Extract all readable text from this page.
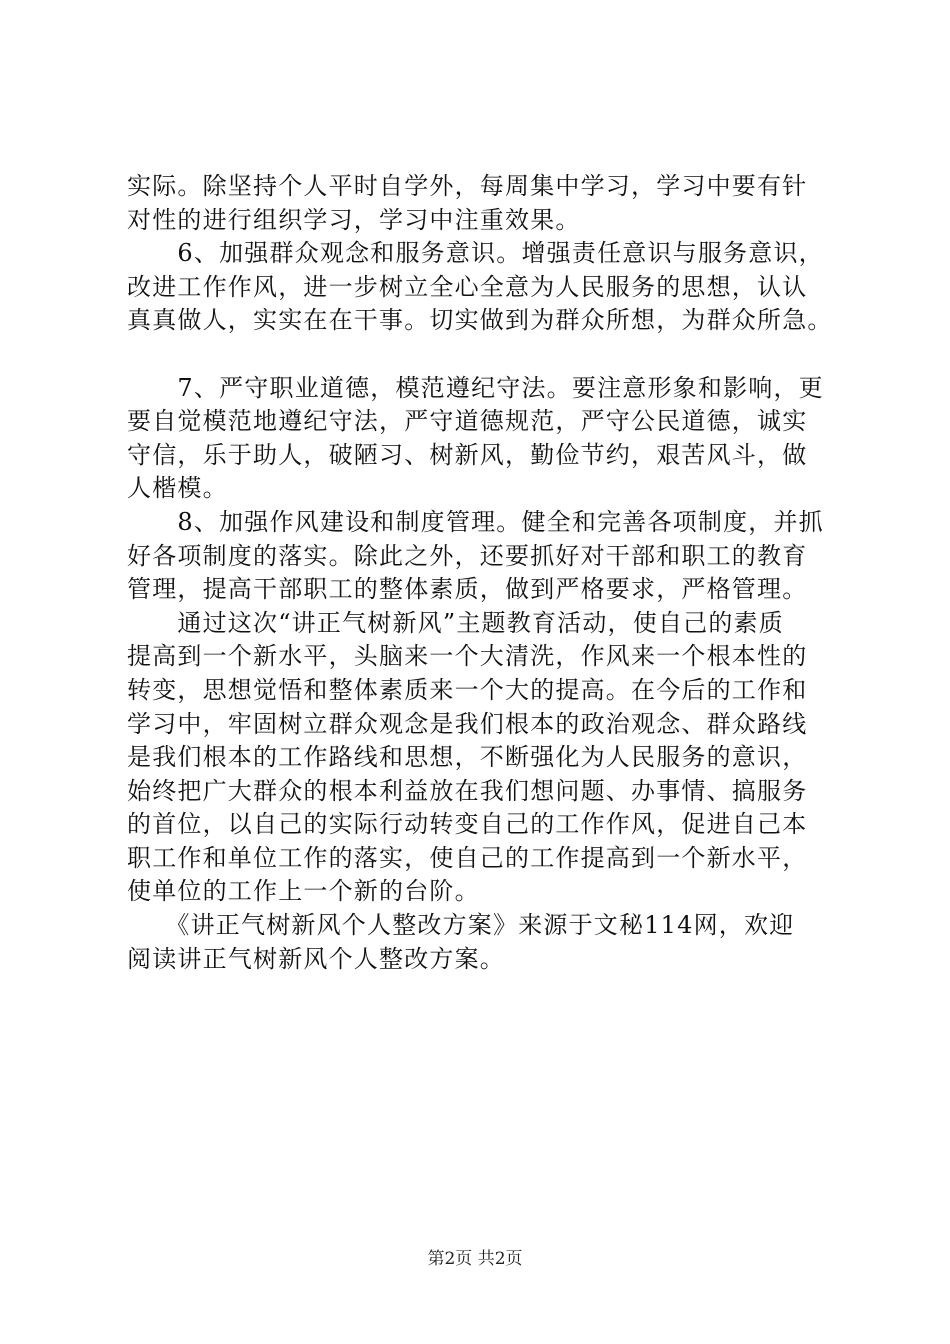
实际。除坚持个人平时自学外，每周集中学习，学习中要有针
对性的进行组织学习，学习中注重效果。
　　6、加强群众观念和服务意识。增强责任意识与服务意识，
改进工作作风，进一步树立全心全意为人民服务的思想，认认
真真做人，实实在在干事。切实做到为群众所想，为群众所急。
　　7、严守职业道德，模范遵纪守法。要注意形象和影响，更
要自觉模范地遵纪守法，严守道德规范，严守公民道德，诚实
守信，乐于助人，破陋习、树新风，勤俭节约，艰苦风斗，做
人楷模。
　　8、加强作风建设和制度管理。健全和完善各项制度，并抓
好各项制度的落实。除此之外，还要抓好对干部和职工的教育
管理，提高干部职工的整体素质，做到严格要求，严格管理。
　　通过这次“讲正气树新风”主题教育活动，使自己的素质
提高到一个新水平，头脑来一个大清洗，作风来一个根本性的
转变，思想觉悟和整体素质来一个大的提高。在今后的工作和
学习中，牢固树立群众观念是我们根本的政治观念、群众路线
是我们根本的工作路线和思想，不断强化为人民服务的意识，
始终把广大群众的根本利益放在我们想问题、办事情、搞服务
的首位，以自己的实际行动转变自己的工作作风，促进自己本
职工作和单位工作的落实，使自己的工作提高到一个新水平，
使单位的工作上一个新的台阶。
　　《讲正气树新风个人整改方案》来源于文秘114网，欢迎
阅读讲正气树新风个人整改方案。
第2页 共2页
